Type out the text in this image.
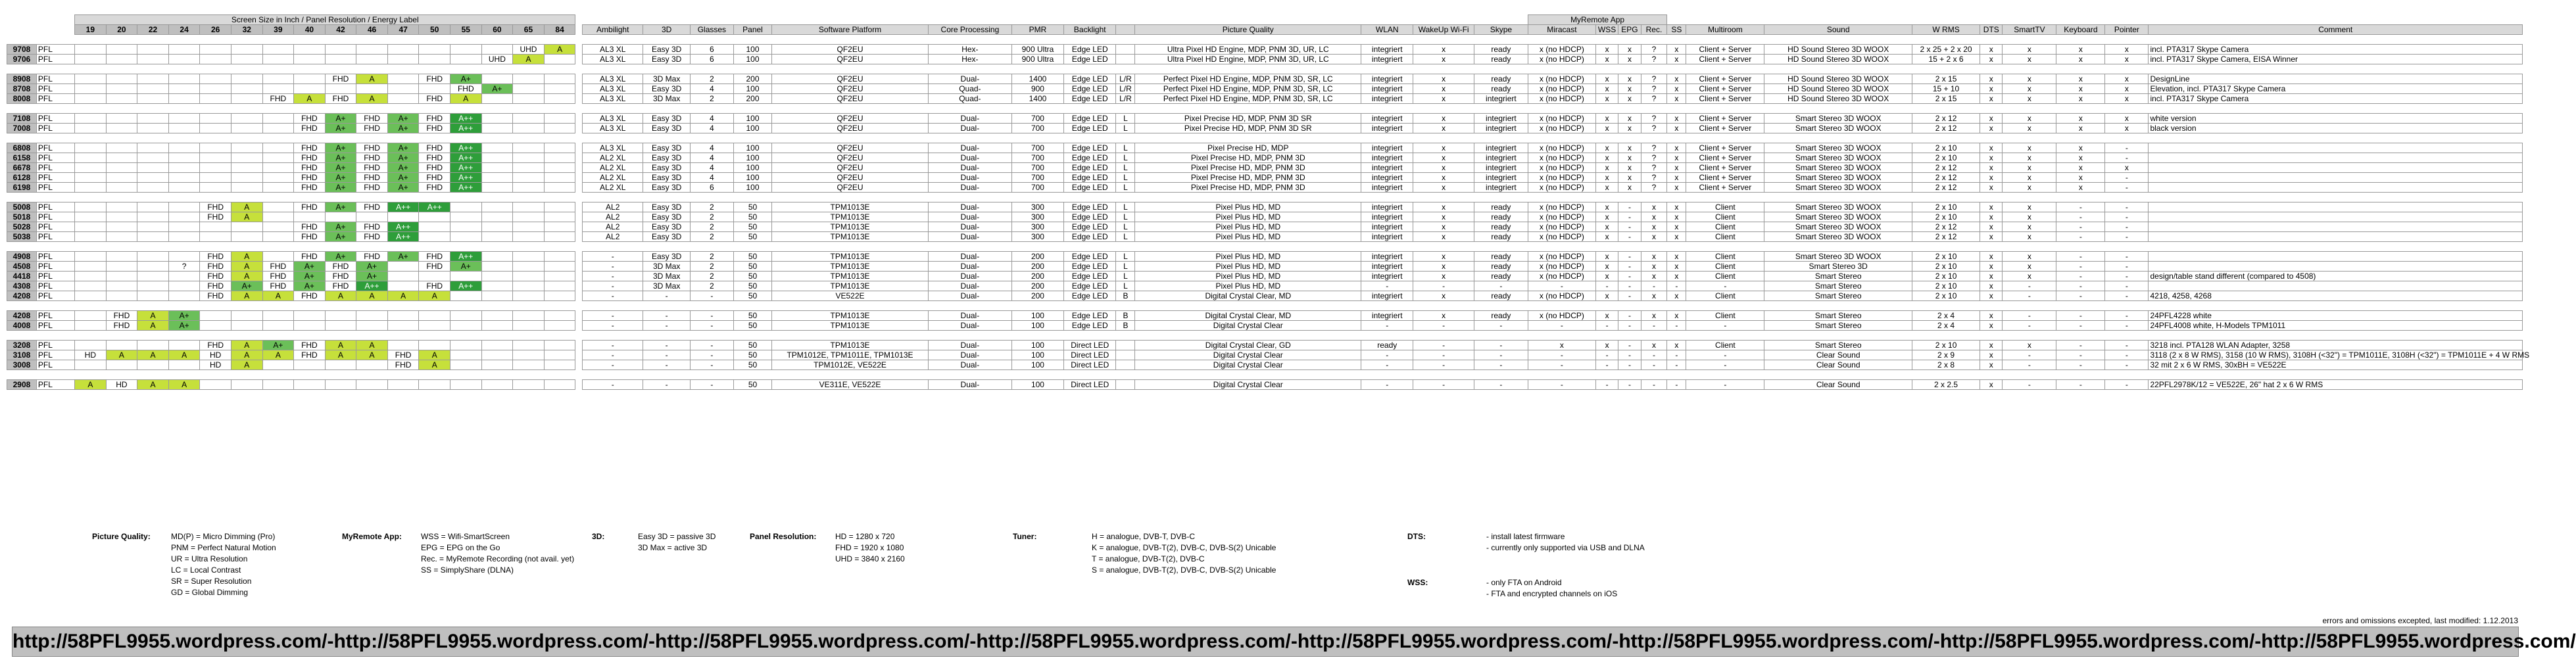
		Screen Size in Inch / Panel Resolution / Energy Label																														MyRemote App												
		19	20	22	24	26	32	39	40	42	46	47	50	55	60	65	84		Ambilight	3D	Glasses	Panel	Software Platform	Core Processing	PMR	Backlight		Picture Quality	WLAN	WakeUp Wi-Fi	Skype	Miracast	WSS	EPG	Rec.	SS	Multiroom	Sound	W RMS	DTS	SmartTV	Keyboard	Pointer	Comment

9708	PFL															UHD	A		AL3 XL	Easy 3D	6	100	QF2EU	Hex-	900 Ultra	Edge LED		Ultra Pixel HD Engine, MDP, PNM 3D, UR, LC	integriert	x	ready	x (no HDCP)	x	x	?	x	Client + Server	HD Sound Stereo 3D WOOX	2 x 25 + 2 x 20	x	x	x	x	incl. PTA317 Skype Camera
9706	PFL														UHD	A			AL3 XL	Easy 3D	6	100	QF2EU	Hex-	900 Ultra	Edge LED		Ultra Pixel HD Engine, MDP, PNM 3D, UR, LC	integriert	x	ready	x (no HDCP)	x	x	?	x	Client + Server	HD Sound Stereo 3D WOOX	15 + 2 x 6	x	x	x	x	incl. PTA317 Skype Camera, EISA Winner

8908	PFL									FHD	A		FHD	A+					AL3 XL	3D Max	2	200	QF2EU	Dual-	1400	Edge LED	L/R	Perfect Pixel HD Engine, MDP, PNM 3D, SR, LC	integriert	x	ready	x (no HDCP)	x	x	?	x	Client + Server	HD Sound Stereo 3D WOOX	2 x 15	x	x	x	x	DesignLine
8708	PFL													FHD	A+				AL3 XL	Easy 3D	4	100	QF2EU	Quad-	900	Edge LED	L/R	Perfect Pixel HD Engine, MDP, PNM 3D, SR, LC	integriert	x	ready	x (no HDCP)	x	x	?	x	Client + Server	HD Sound Stereo 3D WOOX	15 + 10	x	x	x	x	Elevation, incl. PTA317 Skype Camera
8008	PFL							FHD	A	FHD	A		FHD	A					AL3 XL	3D Max	2	200	QF2EU	Quad-	1400	Edge LED	L/R	Perfect Pixel HD Engine, MDP, PNM 3D, SR, LC	integriert	x	integriert	x (no HDCP)	x	x	?	x	Client + Server	HD Sound Stereo 3D WOOX	2 x 15	x	x	x	x	incl. PTA317 Skype Camera

7108	PFL								FHD	A+	FHD	A+	FHD	A++					AL3 XL	Easy 3D	4	100	QF2EU	Dual-	700	Edge LED	L	Pixel Precise HD, MDP, PNM 3D SR	integriert	x	integriert	x (no HDCP)	x	x	?	x	Client + Server	Smart Stereo 3D WOOX	2 x 12	x	x	x	x	white version
7008	PFL								FHD	A+	FHD	A+	FHD	A++					AL3 XL	Easy 3D	4	100	QF2EU	Dual-	700	Edge LED	L	Pixel Precise HD, MDP, PNM 3D SR	integriert	x	integriert	x (no HDCP)	x	x	?	x	Client + Server	Smart Stereo 3D WOOX	2 x 12	x	x	x	x	black version

6808	PFL								FHD	A+	FHD	A+	FHD	A++					AL3 XL	Easy 3D	4	100	QF2EU	Dual-	700	Edge LED	L	Pixel Precise HD, MDP	integriert	x	integriert	x (no HDCP)	x	x	?	x	Client + Server	Smart Stereo 3D WOOX	2 x 10	x	x	x	-	
6158	PFL								FHD	A+	FHD	A+	FHD	A++					AL2 XL	Easy 3D	4	100	QF2EU	Dual-	700	Edge LED	L	Pixel Precise HD, MDP, PNM 3D	integriert	x	integriert	x (no HDCP)	x	x	?	x	Client + Server	Smart Stereo 3D WOOX	2 x 10	x	x	x	-	
6678	PFL								FHD	A+	FHD	A+	FHD	A++					AL2 XL	Easy 3D	4	100	QF2EU	Dual-	700	Edge LED	L	Pixel Precise HD, MDP, PNM 3D	integriert	x	integriert	x (no HDCP)	x	x	?	x	Client + Server	Smart Stereo 3D WOOX	2 x 12	x	x	x	x	
6128	PFL								FHD	A+	FHD	A+	FHD	A++					AL2 XL	Easy 3D	4	100	QF2EU	Dual-	700	Edge LED	L	Pixel Precise HD, MDP, PNM 3D	integriert	x	integriert	x (no HDCP)	x	x	?	x	Client + Server	Smart Stereo 3D WOOX	2 x 12	x	x	x	-	
6198	PFL								FHD	A+	FHD	A+	FHD	A++					AL2 XL	Easy 3D	6	100	QF2EU	Dual-	700	Edge LED	L	Pixel Precise HD, MDP, PNM 3D	integriert	x	integriert	x (no HDCP)	x	x	?	x	Client + Server	Smart Stereo 3D WOOX	2 x 12	x	x	x	-	

5008	PFL					FHD	A		FHD	A+	FHD	A++	A++						AL2	Easy 3D	2	50	TPM1013E	Dual-	300	Edge LED	L	Pixel Plus HD, MD	integriert	x	ready	x (no HDCP)	x	-	x	x	Client	Smart Stereo 3D WOOX	2 x 10	x	x	-	-	
5018	PFL					FHD	A												AL2	Easy 3D	2	50	TPM1013E	Dual-	300	Edge LED	L	Pixel Plus HD, MD	integriert	x	ready	x (no HDCP)	x	-	x	x	Client	Smart Stereo 3D WOOX	2 x 10	x	x	-	-	
5028	PFL								FHD	A+	FHD	A++							AL2	Easy 3D	2	50	TPM1013E	Dual-	300	Edge LED	L	Pixel Plus HD, MD	integriert	x	ready	x (no HDCP)	x	-	x	x	Client	Smart Stereo 3D WOOX	2 x 12	x	x	-	-	
5038	PFL								FHD	A+	FHD	A++							AL2	Easy 3D	2	50	TPM1013E	Dual-	300	Edge LED	L	Pixel Plus HD, MD	integriert	x	ready	x (no HDCP)	x	-	x	x	Client	Smart Stereo 3D WOOX	2 x 12	x	x	-	-	

4908	PFL					FHD	A		FHD	A+	FHD	A+	FHD	A++					-	Easy 3D	2	50	TPM1013E	Dual-	200	Edge LED	L	Pixel Plus HD, MD	integriert	x	ready	x (no HDCP)	x	-	x	x	Client	Smart Stereo 3D WOOX	2 x 10	x	x	-	-	
4508	PFL				?	FHD	A	FHD	A+	FHD	A+		FHD	A+					-	3D Max	2	50	TPM1013E	Dual-	200	Edge LED	L	Pixel Plus HD, MD	integriert	x	ready	x (no HDCP)	x	-	x	x	Client	Smart Stereo 3D	2 x 10	x	x	-	-	
4418	PFL					FHD	A	FHD	A+	FHD	A+								-	3D Max	2	50	TPM1013E	Dual-	200	Edge LED	L	Pixel Plus HD, MD	integriert	x	ready	x (no HDCP)	x	-	x	x	Client	Smart Stereo	2 x 10	x	x	-	-	design/table stand different (compared to 4508)
4308	PFL					FHD	A+	FHD	A+	FHD	A++		FHD	A++					-	3D Max	2	50	TPM1013E	Dual-	200	Edge LED	L	Pixel Plus HD, MD	-	-	-	-	-	-	-	-	-	Smart Stereo	2 x 10	x	-	-	-	
4208	PFL					FHD	A	A	FHD	A	A	A	A						-	-	-	50	VE522E	Dual-	200	Edge LED	B	Digital Crystal Clear, MD	integriert	x	ready	x (no HDCP)	x	-	x	x	Client	Smart Stereo	2 x 10	x	-	-	-	4218, 4258, 4268

4208	PFL		FHD	A	A+														-	-	-	50	TPM1013E	Dual-	100	Edge LED	B	Digital Crystal Clear, MD	integriert	x	ready	x (no HDCP)	x	-	x	x	Client	Smart Stereo	2 x 4	x	-	-	-	24PFL4228 white
4008	PFL		FHD	A	A+														-	-	-	50	TPM1013E	Dual-	100	Edge LED	B	Digital Crystal Clear	-	-	-	-	-	-	-	-	-	Smart Stereo	2 x 4	x	-	-	-	24PFL4008 white, H-Models TPM1011

3208	PFL					FHD	A	A+	FHD	A	A								-	-	-	50	TPM1013E	Dual-	100	Direct LED		Digital Crystal Clear, GD	ready	-	-	x	x	-	x	x	Client	Smart Stereo	2 x 10	x	x	-	-	3218 incl. PTA128 WLAN Adapter, 3258
3108	PFL	HD	A	A	A	HD	A	A	FHD	A	A	FHD	A						-	-	-	50	TPM1012E, TPM1011E, TPM1013E	Dual-	100	Direct LED		Digital Crystal Clear	-	-	-	-	-	-	-	-	-	Clear Sound	2 x 9	x	-	-	-	3118 (2 x 8 W RMS), 3158 (10 W RMS), 3108H (<32") = TPM1011E, 3108H (<32") = TPM1011E + 4 W RMS
3008	PFL					HD	A					FHD	A						-	-	-	50	TPM1012E, VE522E	Dual-	100	Direct LED		Digital Crystal Clear	-	-	-	-	-	-	-	-	-	Clear Sound	2 x 8	x	-	-	-	32 mit 2 x 6 W RMS, 30xBH = VE522E

2908	PFL	A	HD	A	A														-	-	-	50	VE311E, VE522E	Dual-	100	Direct LED		Digital Crystal Clear	-	-	-	-	-	-	-	-	-	Clear Sound	2 x 2.5	x	-	-	-	22PFL2978K/12 = VE522E, 26" hat 2 x 6 W RMS
Picture Quality:	MD(P) = Micro Dimming (Pro)
PNM = Perfect Natural Motion
UR = Ultra Resolution
LC = Local Contrast
SR = Super Resolution
GD = Global Dimming
MyRemote App: WSS = Wifi-SmartScreen
EPG = EPG on the Go
Rec. = MyRemote Recording (not avail. yet)
SS = SimplyShare (DLNA)
3D:	Easy 3D = passive 3D
3D Max = active 3D
Panel Resolution: HD = 1280 x 720
FHD = 1920 x 1080
UHD = 3840 x 2160
Tuner:	H = analogue, DVB-T, DVB-C
K = analogue, DVB-T(2), DVB-C, DVB-S(2) Unicable
T = analogue, DVB-T(2), DVB-C
S = analogue, DVB-T(2), DVB-C, DVB-S(2) Unicable
DTS:	- install latest firmware
- currently only supported via USB and DLNA
WSS:	- only FTA on Android
- FTA and encrypted channels on iOS
errors and omissions excepted, last modified: 1.12.2013
http://58PFL9955.wordpress.com/ - http://58PFL9955.wordpress.com/ - http://58PFL9955.wordpress.com/ - http://58PFL9955.wordpress.com/ - http://58PFL9955.wordpress.com/ - http://58PFL9955.wordpress.com/ - http://58PFL9955.wordpress.com/ - http://58PFL9955.wordpress.com/
